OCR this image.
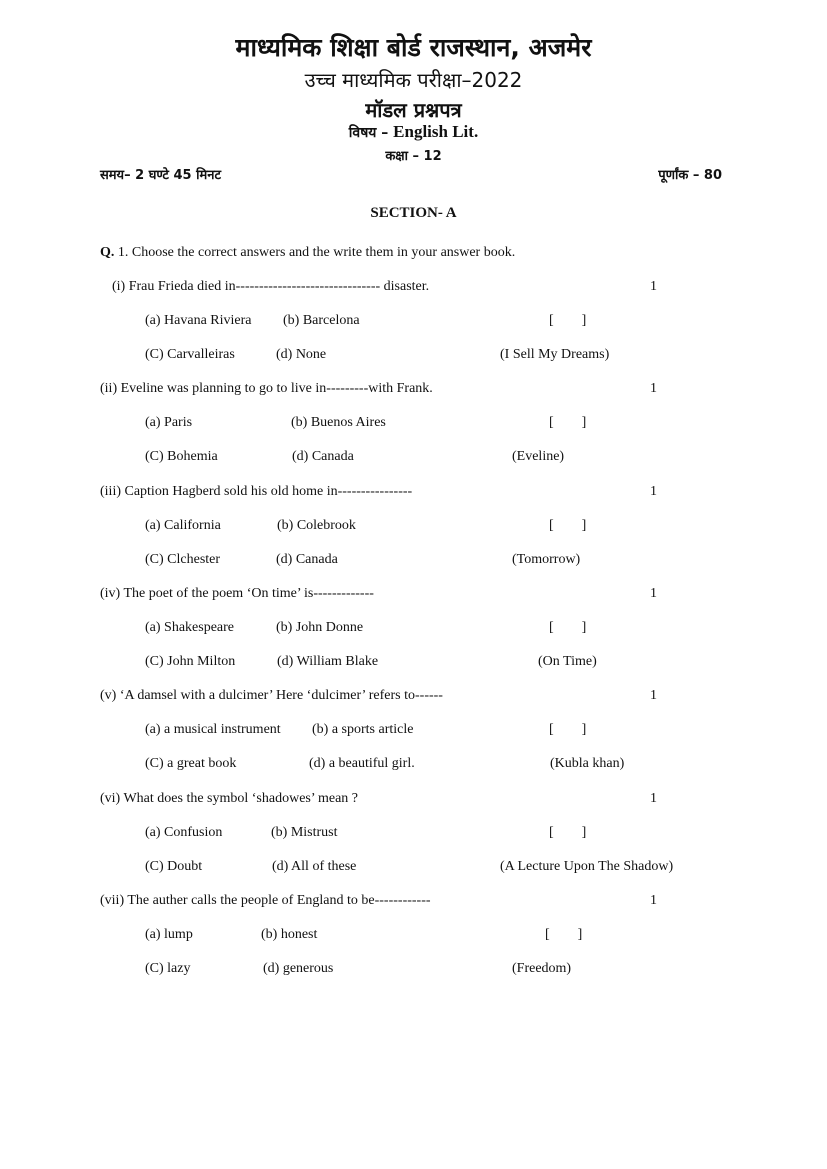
माध्यमिक शिक्षा बोर्ड राजस्थान, अजमेर
उच्च माध्यमिक परीक्षा–2022
मॉडल प्रश्नपत्र
विषय – English Lit.
कक्षा – 12
समय– 2 घण्टे 45 मिनट	पूर्णांक – 80
SECTION- A
Q. 1. Choose the correct answers and the write them in your answer book.
(i) Frau Frieda died in------------------------------- disaster.	1
(a) Havana Riviera (b) Barcelona	[        ]
(C) Carvalleiras	(d) None	(I Sell My Dreams)
(ii) Eveline was planning to go to live in---------with Frank.	1
(a) Paris	(b) Buenos Aires	[        ]
(C) Bohemia	(d) Canada	(Eveline)
(iii) Caption Hagberd sold his old home in----------------	1
(a) California	(b) Colebrook	[        ]
(C) Clchester	(d) Canada	(Tomorrow)
(iv) The poet of the poem ‘On time’ is-------------	1
(a) Shakespeare	(b) John Donne	[        ]
(C) John Milton	(d) William Blake	(On Time)
(v) ‘A damsel with a dulcimer’ Here ‘dulcimer’ refers to------	1
(a) a musical instrument (b) a sports article	[        ]
(C) a great book	(d) a beautiful girl.	(Kubla khan)
(vi) What does the symbol ‘shadowes’ mean ?	1
(a) Confusion	(b) Mistrust	[        ]
(C) Doubt	(d) All of these	(A Lecture Upon The Shadow)
(vii) The auther calls the people of England to be------------	1
(a) lump	(b) honest	[        ]
(C) lazy	(d) generous	(Freedom)
